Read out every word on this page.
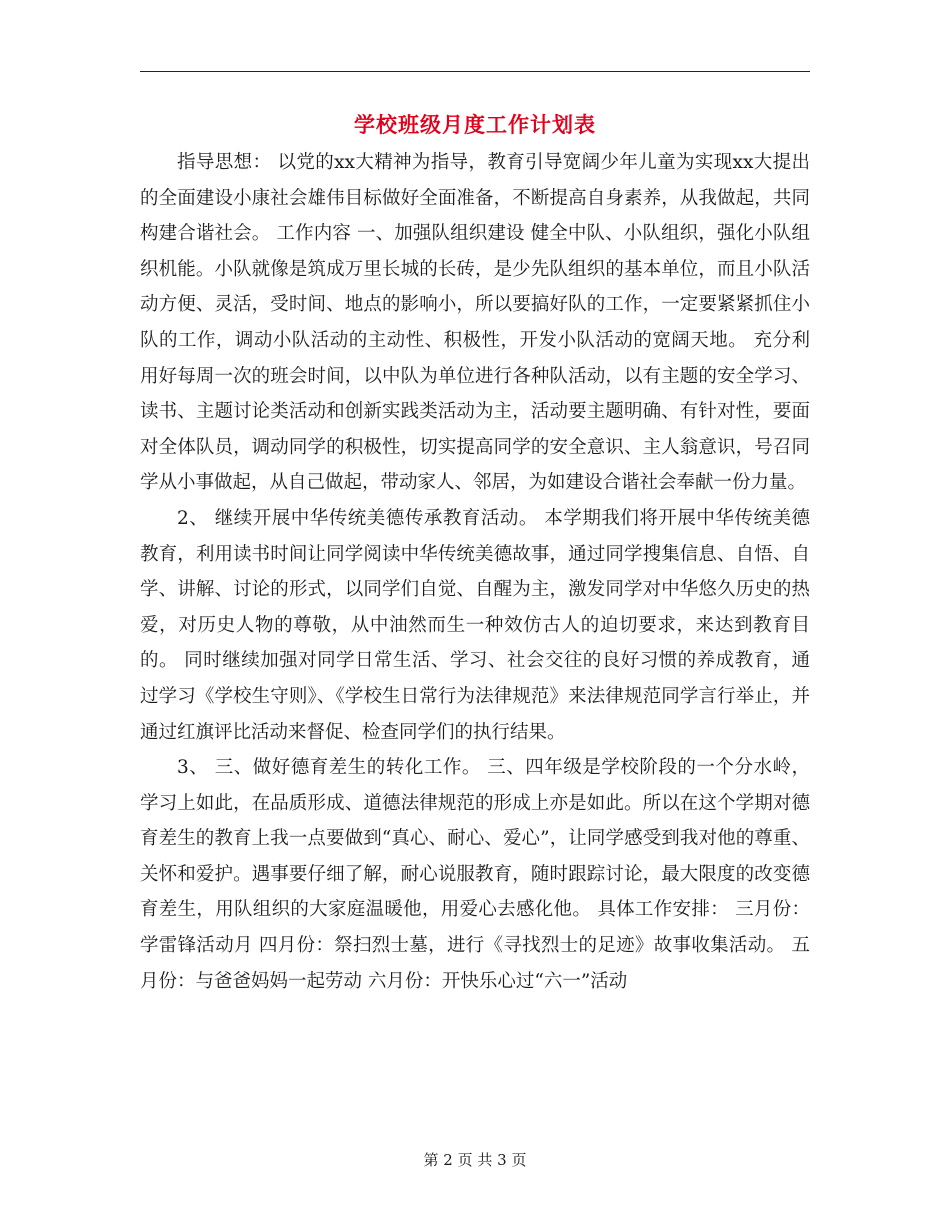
学校班级月度工作计划表

指导思想： 以党的xx大精神为指导，教育引导宽阔少年儿童为实现xx大提出的全面建设小康社会雄伟目标做好全面准备，不断提高自身素养，从我做起，共同构建合谐社会。 工作内容 一、加强队组织建设 健全中队、小队组织，强化小队组织机能。小队就像是筑成万里长城的长砖，是少先队组织的基本单位，而且小队活动方便、灵活，受时间、地点的影响小，所以要搞好队的工作，一定要紧紧抓住小队的工作，调动小队活动的主动性、积极性，开发小队活动的宽阔天地。 充分利用好每周一次的班会时间，以中队为单位进行各种队活动，以有主题的安全学习、读书、主题讨论类活动和创新实践类活动为主，活动要主题明确、有针对性，要面对全体队员，调动同学的积极性，切实提高同学的安全意识、主人翁意识，号召同学从小事做起，从自己做起，带动家人、邻居，为如建设合谐社会奉献一份力量。

2、 继续开展中华传统美德传承教育活动。 本学期我们将开展中华传统美德教育，利用读书时间让同学阅读中华传统美德故事，通过同学搜集信息、自悟、自学、讲解、讨论的形式，以同学们自觉、自醒为主，激发同学对中华悠久历史的热爱，对历史人物的尊敬，从中油然而生一种效仿古人的迫切要求，来达到教育目的。 同时继续加强对同学日常生活、学习、社会交往的良好习惯的养成教育，通过学习《学校生守则》、《学校生日常行为法律规范》来法律规范同学言行举止，并通过红旗评比活动来督促、检查同学们的执行结果。

3、 三、做好德育差生的转化工作。 三、四年级是学校阶段的一个分水岭，学习上如此，在品质形成、道德法律规范的形成上亦是如此。所以在这个学期对德育差生的教育上我一点要做到“真心、耐心、爱心”，让同学感受到我对他的尊重、关怀和爱护。遇事要仔细了解，耐心说服教育，随时跟踪讨论，最大限度的改变德育差生，用队组织的大家庭温暖他，用爱心去感化他。 具体工作安排： 三月份：学雷锋活动月 四月份：祭扫烈士墓，进行《寻找烈士的足迹》故事收集活动。 五月份：与爸爸妈妈一起劳动 六月份：开快乐心过“六一”活动

第 2 页 共 3 页
